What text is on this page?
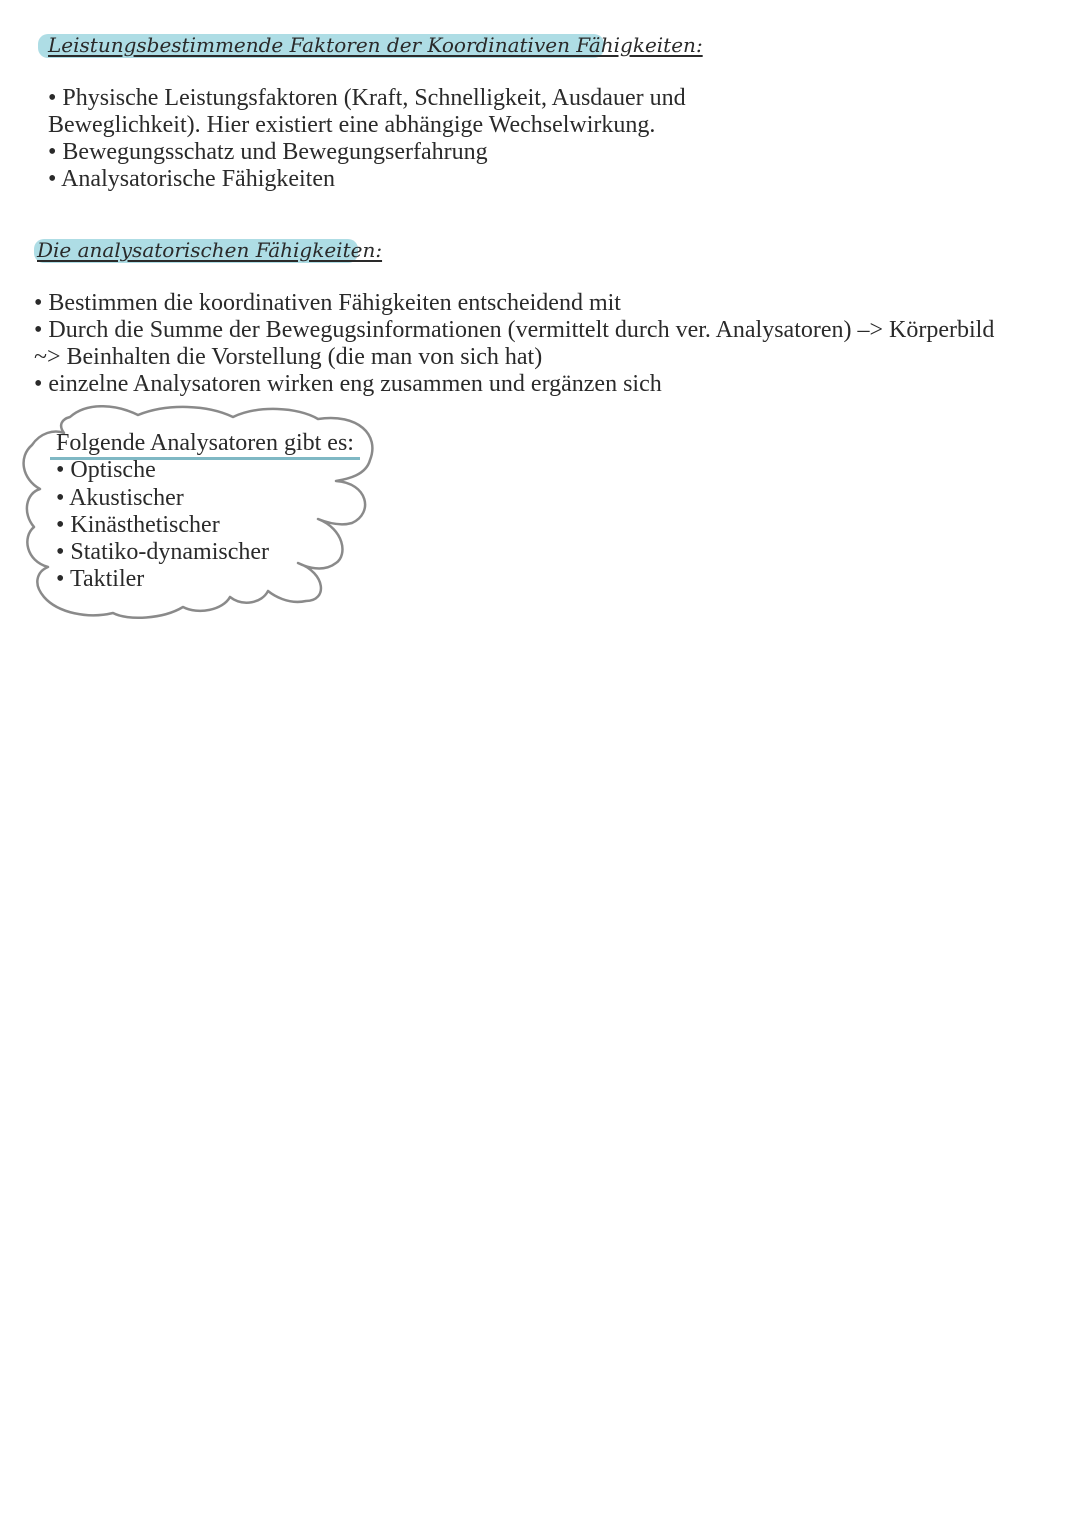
Leistungsbestimmende Faktoren der Koordinativen Fähigkeiten:
• Physische Leistungsfaktoren (Kraft, Schnelligkeit, Ausdauer und
Beweglichkeit). Hier existiert eine abhängige Wechselwirkung.
• Bewegungsschatz und Bewegungserfahrung
• Analysatorische Fähigkeiten
Die analysatorischen Fähigkeiten:
• Bestimmen die koordinativen Fähigkeiten entscheidend mit
• Durch die Summe der Bewegugsinformationen (vermittelt durch ver. Analysatoren) –> Körperbild
~> Beinhalten die Vorstellung (die man von sich hat)
• einzelne Analysatoren wirken eng zusammen und ergänzen sich
Folgende Analysatoren gibt es:
• Optische
• Akustischer
• Kinästhetischer
• Statiko-dynamischer
• Taktiler
